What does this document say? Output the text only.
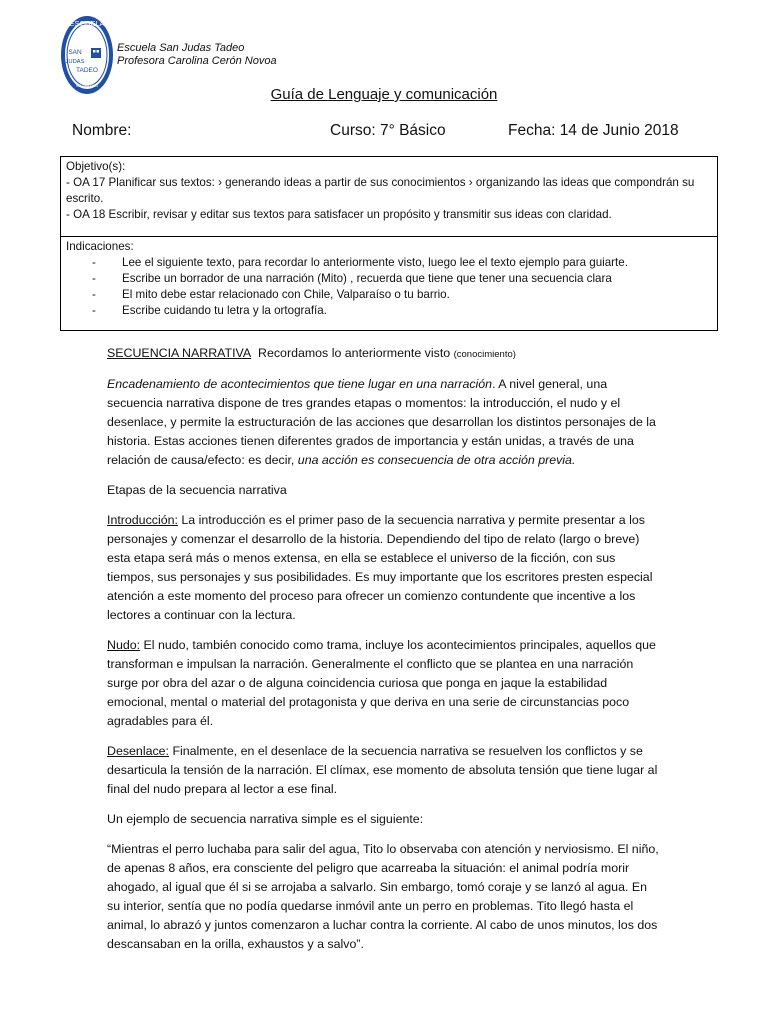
ESCUELA
SAN
JUDAS
TADEO
VALPARAISO
Escuela San Judas Tadeo
Profesora Carolina Cerón Novoa
Guía de Lenguaje y comunicación
Nombre:	Curso: 7° Básico	Fecha: 14 de Junio 2018

Objetivo(s):

- OA 17 Planificar sus textos: › generando ideas a partir de sus conocimientos › organizando las ideas que compondrán su escrito.

- OA 18 Escribir, revisar y editar sus textos para satisfacer un propósito y transmitir sus ideas con claridad.

Indicaciones:

- Lee el siguiente texto, para recordar lo anteriormente visto, luego lee el texto ejemplo para guiarte.
- Escribe un borrador de una narración (Mito) , recuerda que tiene que tener una secuencia clara
- El mito debe estar relacionado con Chile, Valparaíso o tu barrio.
- Escribe cuidando tu letra y la ortografía.

SECUENCIA NARRATIVA Recordamos lo anteriormente visto (conocimiento)

Encadenamiento de acontecimientos que tiene lugar en una narración. A nivel general, una secuencia narrativa dispone de tres grandes etapas o momentos: la introducción, el nudo y el desenlace, y permite la estructuración de las acciones que desarrollan los distintos personajes de la historia. Estas acciones tienen diferentes grados de importancia y están unidas, a través de una relación de causa/efecto: es decir, una acción es consecuencia de otra acción previa.

Etapas de la secuencia narrativa

Introducción: La introducción es el primer paso de la secuencia narrativa y permite presentar a los personajes y comenzar el desarrollo de la historia. Dependiendo del tipo de relato (largo o breve) esta etapa será más o menos extensa, en ella se establece el universo de la ficción, con sus tiempos, sus personajes y sus posibilidades. Es muy importante que los escritores presten especial atención a este momento del proceso para ofrecer un comienzo contundente que incentive a los lectores a continuar con la lectura.

Nudo: El nudo, también conocido como trama, incluye los acontecimientos principales, aquellos que transforman e impulsan la narración. Generalmente el conflicto que se plantea en una narración surge por obra del azar o de alguna coincidencia curiosa que ponga en jaque la estabilidad emocional, mental o material del protagonista y que deriva en una serie de circunstancias poco agradables para él.

Desenlace: Finalmente, en el desenlace de la secuencia narrativa se resuelven los conflictos y se desarticula la tensión de la narración. El clímax, ese momento de absoluta tensión que tiene lugar al final del nudo prepara al lector a ese final.

Un ejemplo de secuencia narrativa simple es el siguiente:

“Mientras el perro luchaba para salir del agua, Tito lo observaba con atención y nerviosismo. El niño, de apenas 8 años, era consciente del peligro que acarreaba la situación: el animal podría morir ahogado, al igual que él si se arrojaba a salvarlo. Sin embargo, tomó coraje y se lanzó al agua. En su interior, sentía que no podía quedarse inmóvil ante un perro en problemas. Tito llegó hasta el animal, lo abrazó y juntos comenzaron a luchar contra la corriente. Al cabo de unos minutos, los dos descansaban en la orilla, exhaustos y a salvo”.
